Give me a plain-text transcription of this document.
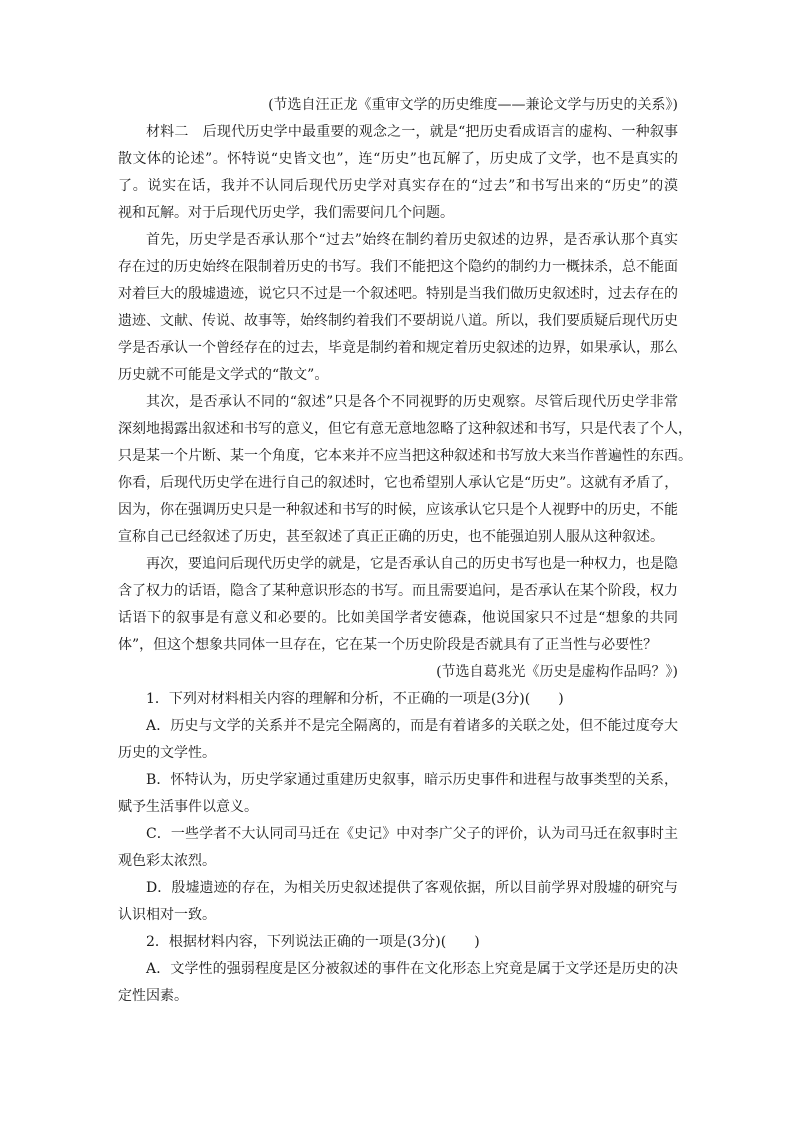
(节选自汪正龙《重审文学的历史维度——兼论文学与历史的关系》)
材料二　后现代历史学中最重要的观念之一，就是“把历史看成语言的虚构、一种叙事
散文体的论述”。怀特说“史皆文也”，连“历史”也瓦解了，历史成了文学，也不是真实的
了。说实在话，我并不认同后现代历史学对真实存在的“过去”和书写出来的“历史”的漠
视和瓦解。对于后现代历史学，我们需要问几个问题。
首先，历史学是否承认那个“过去”始终在制约着历史叙述的边界，是否承认那个真实
存在过的历史始终在限制着历史的书写。我们不能把这个隐约的制约力一概抹杀，总不能面
对着巨大的殷墟遗迹，说它只不过是一个叙述吧。特别是当我们做历史叙述时，过去存在的
遗迹、文献、传说、故事等，始终制约着我们不要胡说八道。所以，我们要质疑后现代历史
学是否承认一个曾经存在的过去，毕竟是制约着和规定着历史叙述的边界，如果承认，那么
历史就不可能是文学式的“散文”。
其次，是否承认不同的“叙述”只是各个不同视野的历史观察。尽管后现代历史学非常
深刻地揭露出叙述和书写的意义，但它有意无意地忽略了这种叙述和书写，只是代表了个人，
只是某一个片断、某一个角度，它本来并不应当把这种叙述和书写放大来当作普遍性的东西。
你看，后现代历史学在进行自己的叙述时，它也希望别人承认它是“历史”。这就有矛盾了，
因为，你在强调历史只是一种叙述和书写的时候，应该承认它只是个人视野中的历史，不能
宣称自己已经叙述了历史，甚至叙述了真正正确的历史，也不能强迫别人服从这种叙述。
再次，要追问后现代历史学的就是，它是否承认自己的历史书写也是一种权力，也是隐
含了权力的话语，隐含了某种意识形态的书写。而且需要追问，是否承认在某个阶段，权力
话语下的叙事是有意义和必要的。比如美国学者安德森，他说国家只不过是“想象的共同
体”，但这个想象共同体一旦存在，它在某一个历史阶段是否就具有了正当性与必要性？
(节选自葛兆光《历史是虚构作品吗？》)
1．下列对材料相关内容的理解和分析，不正确的一项是(3分)(　　)
A．历史与文学的关系并不是完全隔离的，而是有着诸多的关联之处，但不能过度夸大
历史的文学性。
B．怀特认为，历史学家通过重建历史叙事，暗示历史事件和进程与故事类型的关系，
赋予生活事件以意义。
C．一些学者不大认同司马迁在《史记》中对李广父子的评价，认为司马迁在叙事时主
观色彩太浓烈。
D．殷墟遗迹的存在，为相关历史叙述提供了客观依据，所以目前学界对殷墟的研究与
认识相对一致。
2．根据材料内容，下列说法正确的一项是(3分)(　　)
A．文学性的强弱程度是区分被叙述的事件在文化形态上究竟是属于文学还是历史的决
定性因素。
